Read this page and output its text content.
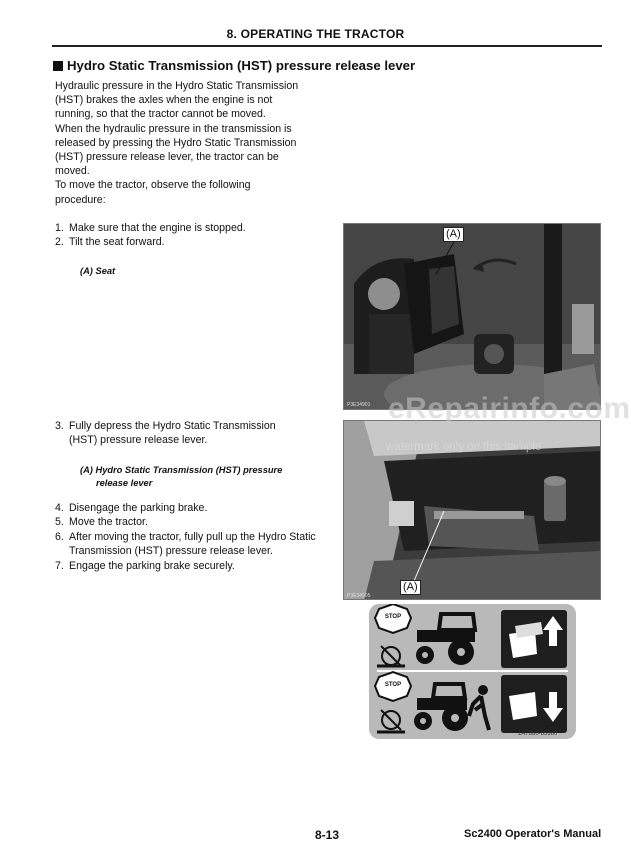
8. OPERATING THE TRACTOR
Hydro Static Transmission (HST) pressure release lever

Hydraulic pressure in the Hydro Static Transmission

(HST) brakes the axles when the engine is not

running, so that the tractor cannot be moved.

When the hydraulic pressure in the transmission is

released by pressing the Hydro Static Transmission

(HST) pressure release lever, the tractor can be

moved.

To move the tractor, observe the following

procedure:

1. Make sure that the engine is stopped.
2. Tilt the seat forward.
(A) Seat
3. Fully depress the Hydro Static Transmission
(HST) pressure release lever.
(A) Hydro Static Transmission (HST) pressure
release lever
4. Disengage the parking brake.
5. Move the tractor.
6. After moving the tractor, fully pull up the Hydro Static Transmission (HST) pressure release lever.
7. Engage the parking brake securely.
(A)
P3E34901
(A)
P3E34905
eRepairinfo.com
watermark only on this sample
STOP
STOP
1A7880-65380
8-13	Sc2400 Operator's Manual
